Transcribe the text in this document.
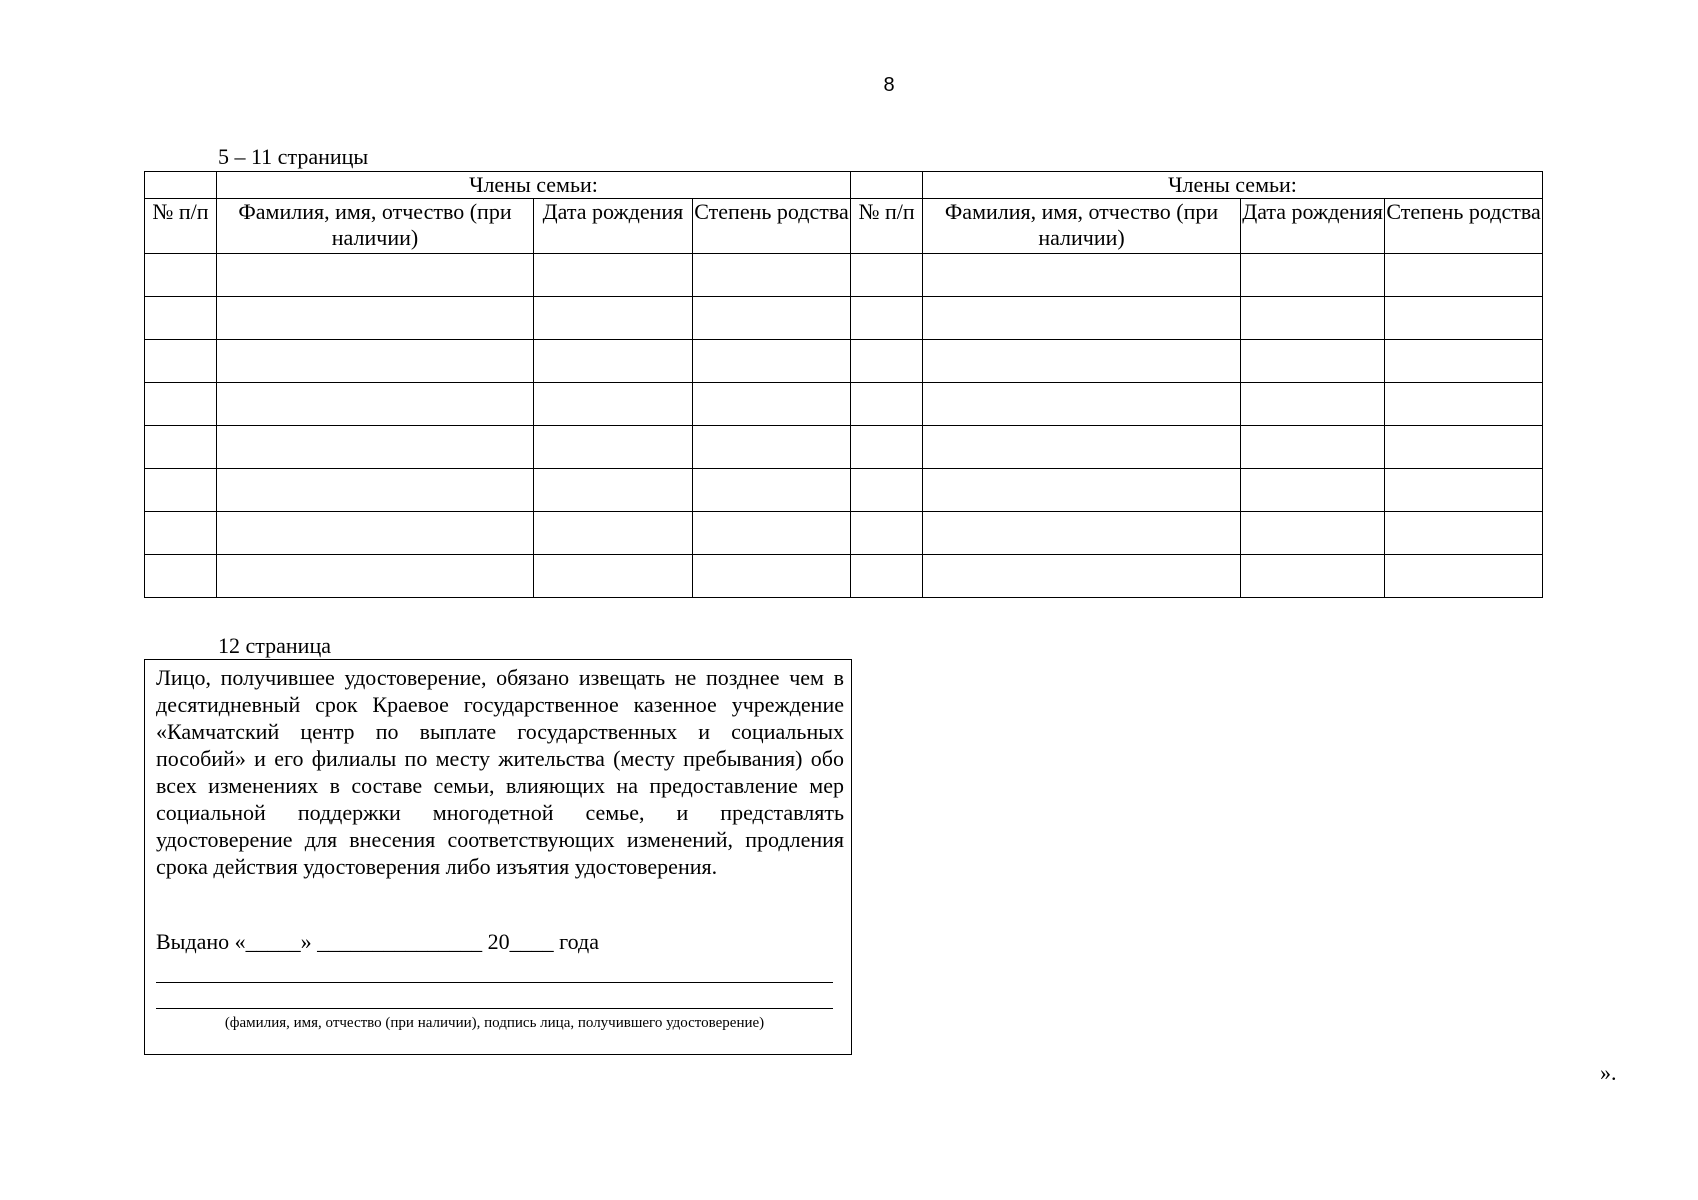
8
5 – 11 страницы
	Члены семьи:				Члены семьи:		
№ п/п	Фамилия, имя, отчество (при наличии)	Дата рождения	Степень родства	№ п/п	Фамилия, имя, отчество (при наличии)	Дата рождения	Степень родства

12 страница
Лицо, получившее удостоверение, обязано извещать не позднее чем в десятидневный срок Краевое государственное казенное учреждение «Камчатский центр по выплате государственных и социальных пособий» и его филиалы по месту жительства (месту пребывания) обо всех изменениях в составе семьи, влияющих на предоставление мер социальной поддержки многодетной семье, и представлять удостоверение для внесения соответствующих изменений, продления срока действия удостоверения либо изъятия удостоверения.
Выдано «_____» _______________ 20____ года
(фамилия, имя, отчество (при наличии), подпись лица, получившего удостоверение)
».
